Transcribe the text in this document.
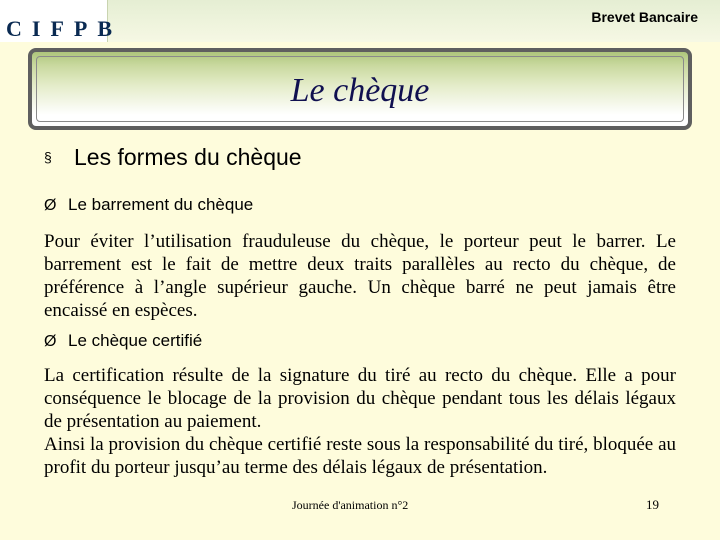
CIFPB	Brevet Bancaire
Le chèque
§ Les formes du chèque
Ø Le barrement du chèque
Pour éviter l’utilisation frauduleuse du chèque, le porteur peut le barrer. Le barrement est le fait de mettre deux traits parallèles au recto du chèque, de préférence à l’angle supérieur gauche. Un chèque barré ne peut jamais être encaissé en espèces.
Ø Le chèque certifié
La certification résulte de la signature du tiré au recto du chèque. Elle a pour conséquence le blocage de la provision du chèque pendant tous les délais légaux de présentation au paiement.
Ainsi la provision du chèque certifié reste sous la responsabilité du tiré, bloquée au profit du porteur jusqu’au terme des délais légaux de présentation.
Journée d'animation n°2	19
